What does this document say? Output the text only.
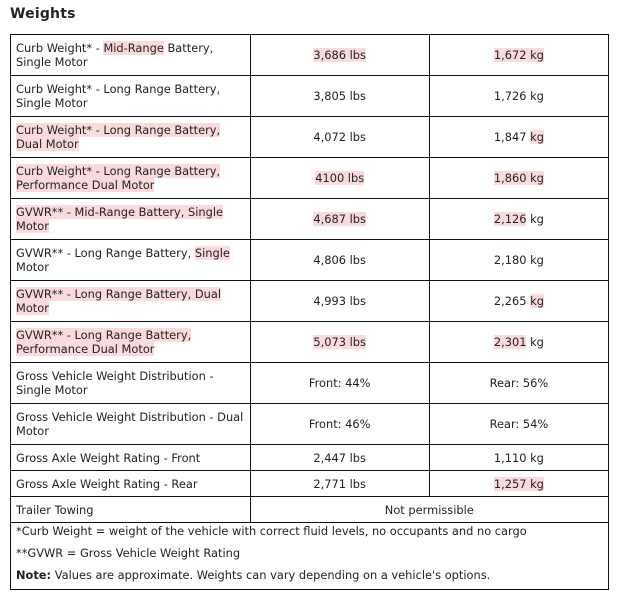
Weights
Curb Weight* - Mid-Range Battery, Single Motor	3,686 lbs	1,672 kg
Curb Weight* - Long Range Battery, Single Motor	3,805 lbs	1,726 kg
Curb Weight* - Long Range Battery, Dual Motor	4,072 lbs	1,847 kg
Curb Weight* - Long Range Battery, Performance Dual Motor	4100 lbs	1,860 kg
GVWR** - Mid-Range Battery, Single Motor	4,687 lbs	2,126 kg
GVWR** - Long Range Battery, Single Motor	4,806 lbs	2,180 kg
GVWR** - Long Range Battery, Dual Motor	4,993 lbs	2,265 kg
GVWR** - Long Range Battery, Performance Dual Motor	5,073 lbs	2,301 kg
Gross Vehicle Weight Distribution - Single Motor	Front: 44%	Rear: 56%
Gross Vehicle Weight Distribution - Dual Motor	Front: 46%	Rear: 54%
Gross Axle Weight Rating - Front	2,447 lbs	1,110 kg
Gross Axle Weight Rating - Rear	2,771 lbs	1,257 kg
Trailer Towing	Not permissible	

*Curb Weight = weight of the vehicle with correct fluid levels, no occupants and no cargo
**GVWR = Gross Vehicle Weight Rating
Note: Values are approximate. Weights can vary depending on a vehicle's options.		
